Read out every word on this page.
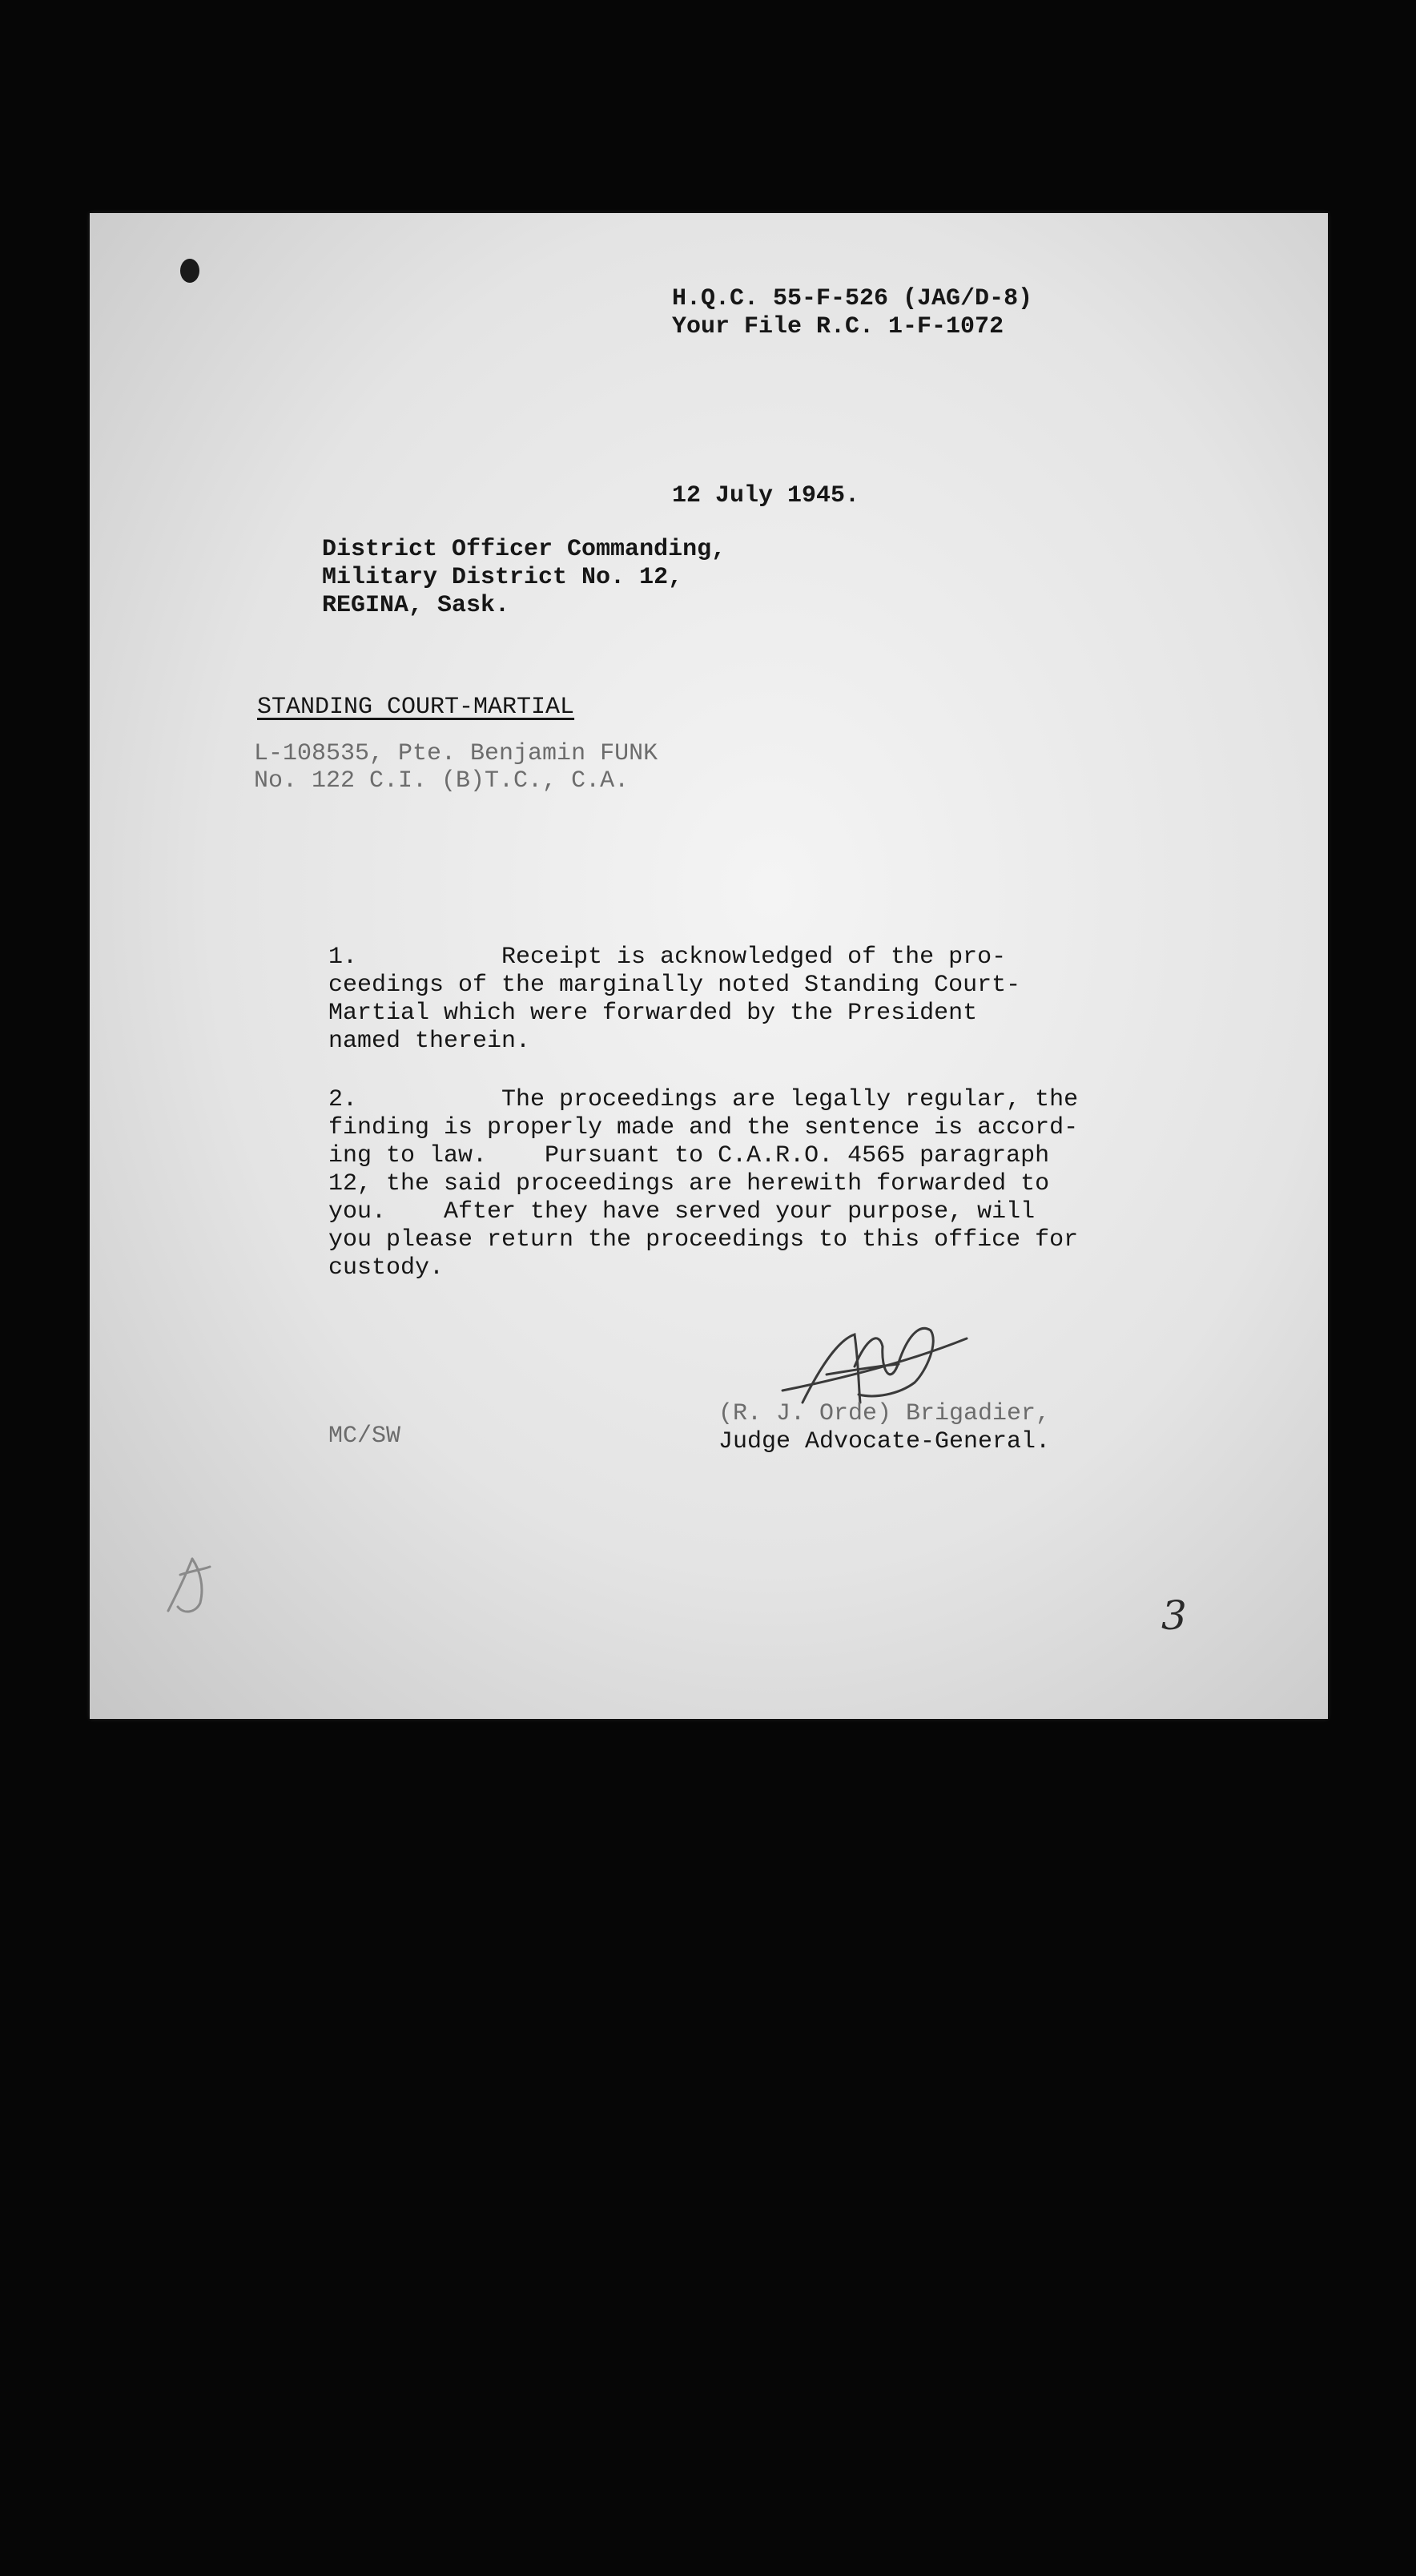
H.Q.C. 55-F-526 (JAG/D-8)
Your File R.C. 1-F-1072
12 July 1945.
District Officer Commanding,
Military District No. 12,
REGINA, Sask.
STANDING COURT-MARTIAL
L-108535, Pte. Benjamin FUNK
No. 122 C.I. (B)T.C., C.A.
1.          Receipt is acknowledged of the pro-
ceedings of the marginally noted Standing Court-
Martial which were forwarded by the President
named therein.
2.          The proceedings are legally regular, the
finding is properly made and the sentence is accord-
ing to law.    Pursuant to C.A.R.O. 4565 paragraph
12, the said proceedings are herewith forwarded to
you.    After they have served your purpose, will
you please return the proceedings to this office for
custody.
(R. J. Orde) Brigadier,
Judge Advocate-General.
MC/SW
3
